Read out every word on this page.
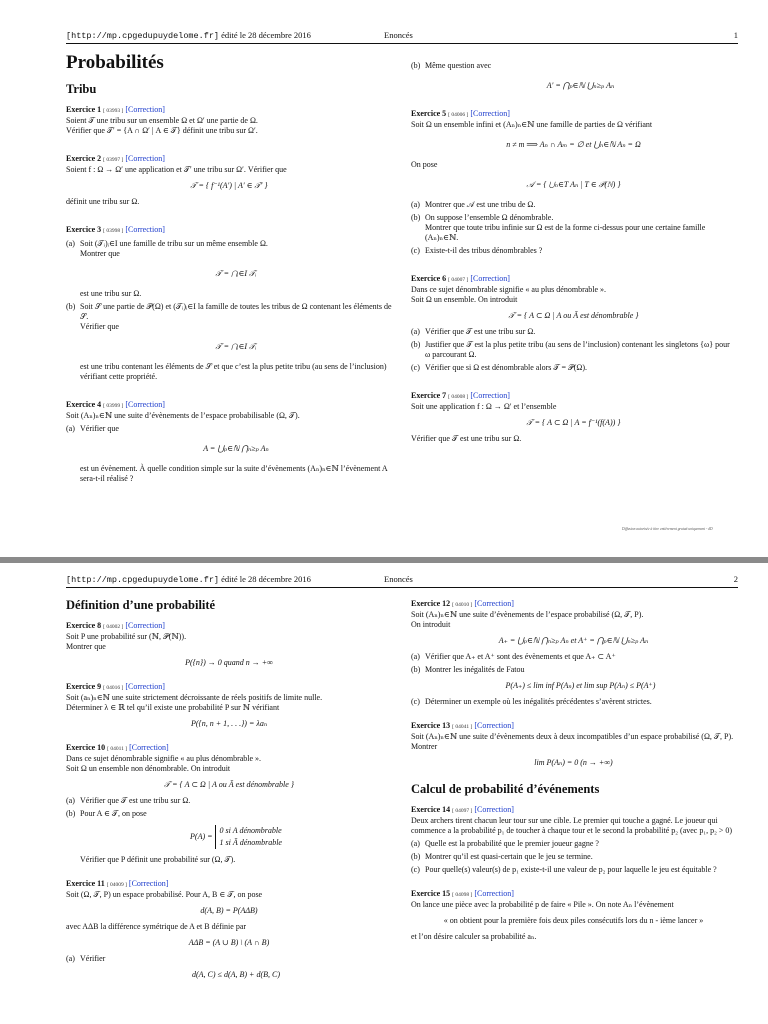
[http://mp.cpgedupuydelome.fr] édité le 28 décembre 2016	Enoncés	1
Probabilités
Tribu

Exercice 1 [ 03993 ] [Correction]

Soient 𝒯 une tribu sur un ensemble Ω et Ω′ une partie de Ω.

Vérifier que 𝒯′ = {A ∩ Ω′ | A ∈ 𝒯} définit une tribu sur Ω′.

Exercice 2 [ 03997 ] [Correction]

Soient f : Ω → Ω′ une application et 𝒯′ une tribu sur Ω′. Vérifier que

𝒯 = { f⁻¹(A′) | A′ ∈ 𝒯′ }

définit une tribu sur Ω.

Exercice 3 [ 03998 ] [Correction]

(a) Soit (𝒯ᵢ)ᵢ∈I une famille de tribu sur un même ensemble Ω.

Montrer que

𝒯 = ⋂ᵢ∈I 𝒯ᵢ

est une tribu sur Ω.

(b) Soit 𝒮 une partie de 𝒫(Ω) et (𝒯ᵢ)ᵢ∈I la famille de toutes les tribus de Ω contenant les éléments de 𝒮.

Vérifier que

𝒯 = ⋂ᵢ∈I 𝒯ᵢ

est une tribu contenant les éléments de 𝒮 et que c’est la plus petite tribu (au sens de l’inclusion) vérifiant cette propriété.

Exercice 4 [ 03999 ] [Correction]

Soit (Aₙ)ₙ∈ℕ une suite d’évènements de l’espace probabilisable (Ω, 𝒯).

(a) Vérifier que

A = ⋃ₚ∈ℕ ⋂ₙ≥ₚ Aₙ

est un évènement. À quelle condition simple sur la suite d’évènements (Aₙ)ₙ∈ℕ l’évènement A sera-t-il réalisé ?

(b) Même question avec

A′ = ⋂ₚ∈ℕ ⋃ₙ≥ₚ Aₙ

Exercice 5 [ 04006 ] [Correction]

Soit Ω un ensemble infini et (Aₙ)ₙ∈ℕ une famille de parties de Ω vérifiant

n ≠ m ⟹ Aₙ ∩ Aₘ = ∅ et ⋃ₙ∈ℕ Aₙ = Ω

On pose

𝒜 = { ⋃ₙ∈T Aₙ | T ∈ 𝒫(ℕ) }
(a) Montrer que 𝒜 est une tribu de Ω.

(b) On suppose l’ensemble Ω dénombrable.

Montrer que toute tribu infinie sur Ω est de la forme ci-dessus pour une certaine famille (Aₙ)ₙ∈ℕ.

(c) Existe-t-il des tribus dénombrables ?

Exercice 6 [ 04007 ] [Correction]

Dans ce sujet dénombrable signifie « au plus dénombrable ».

Soit Ω un ensemble. On introduit

𝒯 = { A ⊂ Ω | A ou Ā est dénombrable }
(a) Vérifier que 𝒯 est une tribu sur Ω.

(b) Justifier que 𝒯 est la plus petite tribu (au sens de l’inclusion) contenant les singletons {ω} pour ω parcourant Ω.

(c) Vérifier que si Ω est dénombrable alors 𝒯 = 𝒫(Ω).

Exercice 7 [ 04008 ] [Correction]

Soit une application f : Ω → Ω′ et l’ensemble

𝒯 = { A ⊂ Ω | A = f⁻¹(f(A)) }

Vérifier que 𝒯 est une tribu sur Ω.

Diffusion autorisée à titre entièrement gratuit uniquement - dD
[http://mp.cpgedupuydelome.fr] édité le 28 décembre 2016	Enoncés	2
Définition d’une probabilité

Exercice 8 [ 04002 ] [Correction]

Soit P une probabilité sur (ℕ, 𝒫(ℕ)).

Montrer que

P({n}) → 0 quand n → +∞

Exercice 9 [ 04016 ] [Correction]

Soit (aₙ)ₙ∈ℕ une suite strictement décroissante de réels positifs de limite nulle.

Déterminer λ ∈ ℝ tel qu’il existe une probabilité P sur ℕ vérifiant

P({n, n + 1, . . .}) = λaₙ

Exercice 10 [ 04011 ] [Correction]

Dans ce sujet dénombrable signifie « au plus dénombrable ».

Soit Ω un ensemble non dénombrable. On introduit

𝒯 = { A ⊂ Ω | A ou Ā est dénombrable }
(a) Vérifier que 𝒯 est une tribu sur Ω.

(b) Pour A ∈ 𝒯, on pose

P(A) = 0 si A dénombrable
1 si Ā dénombrable

Vérifier que P définit une probabilité sur (Ω, 𝒯).

Exercice 11 [ 04009 ] [Correction]

Soit (Ω, 𝒯, P) un espace probabilisé. Pour A, B ∈ 𝒯, on pose

d(A, B) = P(AΔB)

avec AΔB la différence symétrique de A et B définie par

AΔB = (A ∪ B) \ (A ∩ B)
(a) Vérifier

d(A, C) ≤ d(A, B) + d(B, C)

Exercice 12 [ 04010 ] [Correction]

Soit (Aₙ)ₙ∈ℕ une suite d’évènements de l’espace probabilisé (Ω, 𝒯, P).

On introduit

A₊ = ⋃ₚ∈ℕ ⋂ₙ≥ₚ Aₙ et A⁺ = ⋂ₚ∈ℕ ⋃ₙ≥ₚ Aₙ
(a) Vérifier que A₊ et A⁺ sont des évènements et que A₊ ⊂ A⁺

(b) Montrer les inégalités de Fatou

P(A₊) ≤ lim inf P(Aₙ) et lim sup P(Aₙ) ≤ P(A⁺)
(c) Déterminer un exemple où les inégalités précédentes s’avèrent strictes.

Exercice 13 [ 04041 ] [Correction]

Soit (Aₙ)ₙ∈ℕ une suite d’évènements deux à deux incompatibles d’un espace probabilisé (Ω, 𝒯, P). Montrer

lim P(Aₙ) = 0 (n → +∞)
Calcul de probabilité d’événements

Exercice 14 [ 04097 ] [Correction]

Deux archers tirent chacun leur tour sur une cible. Le premier qui touche a gagné. Le joueur qui commence a la probabilité p₁ de toucher à chaque tour et le second la probabilité p₂ (avec p₁, p₂ > 0)

(a) Quelle est la probabilité que le premier joueur gagne ?

(b) Montrer qu’il est quasi-certain que le jeu se termine.

(c) Pour quelle(s) valeur(s) de p₁ existe-t-il une valeur de p₂ pour laquelle le jeu est équitable ?

Exercice 15 [ 04098 ] [Correction]

On lance une pièce avec la probabilité p de faire « Pile ». On note Aₙ l’évènement

« on obtient pour la première fois deux piles consécutifs lors du n - ième lancer »

et l’on désire calculer sa probabilité aₙ.
